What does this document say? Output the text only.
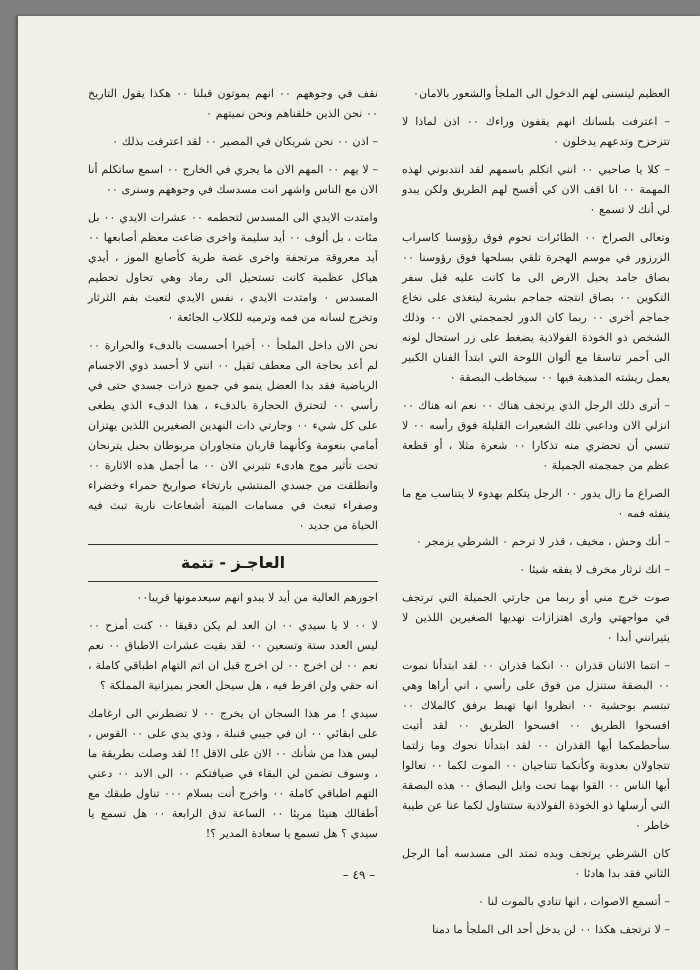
العظيم ليتسنى لهم الدخول الى الملجأ والشعور بالامان٠

– اعترفت بلسانك انهم يقفون وراءك ٠٠ اذن لماذا لا تتزحزح وتدعهم يدخلون ٠

– كلا يا صاحبي ٠٠ انني اتكلم باسمهم لقد انتدبوني لهذه المهمة ٠٠ انا اقف الان كي أفسح لهم الطريق ولكن يبدو لي أنك لا تسمع ٠

وتعالى الصراخ ٠٠ الطائرات تحوم فوق رؤوسنا كاسراب الزرزور في موسم الهجرة تلقي بسلحها فوق رؤوسنا ٠٠ بصاق جامد يحيل الارض الى ما كانت عليه قبل سفر التكوين ٠٠ بصاق انتجته جماجم بشرية ليتغذى على نخاع جماجم أخرى ٠٠ ربما كان الدور لجمجمتي الان ٠٠ وذلك الشخص ذو الخوذة الفولاذية يضغط على زر استحال لونه الى أحمر تناسقا مع ألوان اللوحة التي ابتدأ الفنان الكبير يعمل ريشته المذهبة فيها ٠٠ سيخاطب البصقة ٠

– أترى ذلك الرجل الذي يرتجف هناك ٠٠ نعم انه هناك ٠٠ انزلي الان وداعبي تلك الشعيرات القليلة فوق رأسه ٠٠ لا تنسي أن تحضري منه تذكارا ٠٠ شعرة مثلا ، أو قطعة عظم من جمجمته الجميلة ٠

الصراع ما زال يدور ٠٠ الرجل يتكلم بهدوء لا يتناسب مع ما ينفثه فمه ٠

– أنك وحش ، مخيف ، قذر لا ترحم ٠ الشرطي يزمجر ٠

– انك ثرثار مخرف لا يفقه شيئا ٠

صوت خرج مني أو ربما من جارتي الجميلة التي ترتجف في مواجهتي وارى اهتزازات نهديها الصغيرين اللذين لا يثيرانني أبدا ٠

– انتما الاثنان قذران ٠٠ انكما قذران ٠٠ لقد ابتدأنا نموت ٠٠ البصقة ستنزل من فوق على رأسي ، اني أراها وهي تبتسم بوحشية ٠٠ انظروا انها تهبط برفق كالملاك ٠٠ افسحوا الطريق ٠٠ افسحوا الطريق ٠٠ لقد أتيت سأحطمكما أيها القذران ٠٠ لقد ابتدأنا نحوك وما زلتما تتجاولان بعذوبة وكأنكما تتناجيان ٠٠ الموت لكما ٠٠ تعالوا أيها الناس ٠٠ القوا بهما تحت وابل البصاق ٠٠ هذه البصقة التي أرسلها ذو الخوذة الفولاذية ستتناول لكما عنا عن طيبة خاطر ٠

كان الشرطي يرتجف ويده تمتد الى مسدسه أما الرجل الثاني فقد بدا هادئا ٠

– أتسمع الاصوات ، انها تنادي بالموت لنا ٠

– لا ترتجف هكذا ٠٠ لن يدخل أحد الى الملجأ ما دمنا

نقف في وجوههم ٠٠ انهم يموتون قبلنا ٠٠ هكذا يقول التاريخ ٠٠ نحن الذين خلقناهم ونحن نميتهم ٠

– اذن ٠٠ نحن شريكان في المصير ٠٠ لقد اعترفت بذلك ٠

– لا يهم ٠٠ المهم الان ما يجري في الخارج ٠٠ اسمع ساتكلم أنا الان مع الناس واشهر انت مسدسك في وجوههم وسنرى ٠٠

وامتدت الايدي الى المسدس لتحطمه ٠٠ عشرات الايدي ٠٠ بل مئات ، بل ألوف ٠٠ أيد سليمة واخرى ضاعت معظم أصابعها ٠٠ أيد معروقة مرتجفة واخرى غضة طرية كأصابع الموز ، أيدي هياكل عظمية كانت تستحيل الى رماد وهي تحاول تحطيم المسدس ٠ وامتدت الايدي ، نفس الايدي لتعبث بفم الثرثار وتخرج لسانه من فمه وترميه للكلاب الجائعة ٠

نحن الان داخل الملجأ ٠٠ أخيرا أحسست بالدفء والحرارة ٠٠ لم أعد بحاجة الى معطف ثقيل ٠٠ انني لا أحسد ذوي الاجسام الرياضية فقد بدا العضل ينمو في جميع ذرات جسدي حتى في رأسي ٠٠ لتحترق الحجارة بالدفء ، هذا الدفء الذي يطغى على كل شيء ٠٠ وجارتي ذات النهدين الصغيرين اللذين يهتزان أمامي بنعومة وكأنهما قاربان متجاوران مربوطان بحبل يترنحان تحت تأثير موج هادىء تثيرني الان ٠٠ ما أجمل هذه الاثارة ٠٠ وانطلقت من جسدي المنتشي بارتخاء صواريخ حمراء وخضراء وصفراء تبعث في مسامات الميتة أشعاعات نارية تبث فيه الحياة من جديد ٠

العاجـز - تتمة

اجورهم العالية من أيد لا يبدو انهم سيعدمونها قريبا٠٠

لا ٠٠ لا يا سيدي ٠٠ ان العد لم يكن دقيقا ٠٠ كنت أمزح ٠٠ ليس العدد ستة وتسعين ٠٠ لقد بقيت عشرات الاطباق ٠٠ نعم نعم ٠٠ لن اخرج ٠٠ لن اخرج قبل ان اتم التهام اطباقي كاملة ، انه حقي ولن افرط فيه ، هل سيحل العجز بميزانية المملكة ؟

سيدي ! مر هذا السجان ان يخرج ٠٠ لا تضطرني الى ارغامك على ابقائي ٠٠ ان في جيبي قنبلة ، وذي يدي على ٠٠ القوس ، ليس هذا من شأنك ٠٠ الان على الاقل !! لقد وصلت بطريقة ما ، وسوف تضمن لي البقاء في ضيافتكم ٠٠ الى الابد ٠٠ دعني التهم اطباقي كاملة ٠٠ واخرج أنت بسلام ٠٠٠ تناول طبقك مع أطفالك هنيئا مريئا ٠٠ الساعة تدق الرابعة ٠٠ هل تسمع يا سيدي ؟ هل تسمع يا سعادة المدير ؟!

– ٤٩ –
